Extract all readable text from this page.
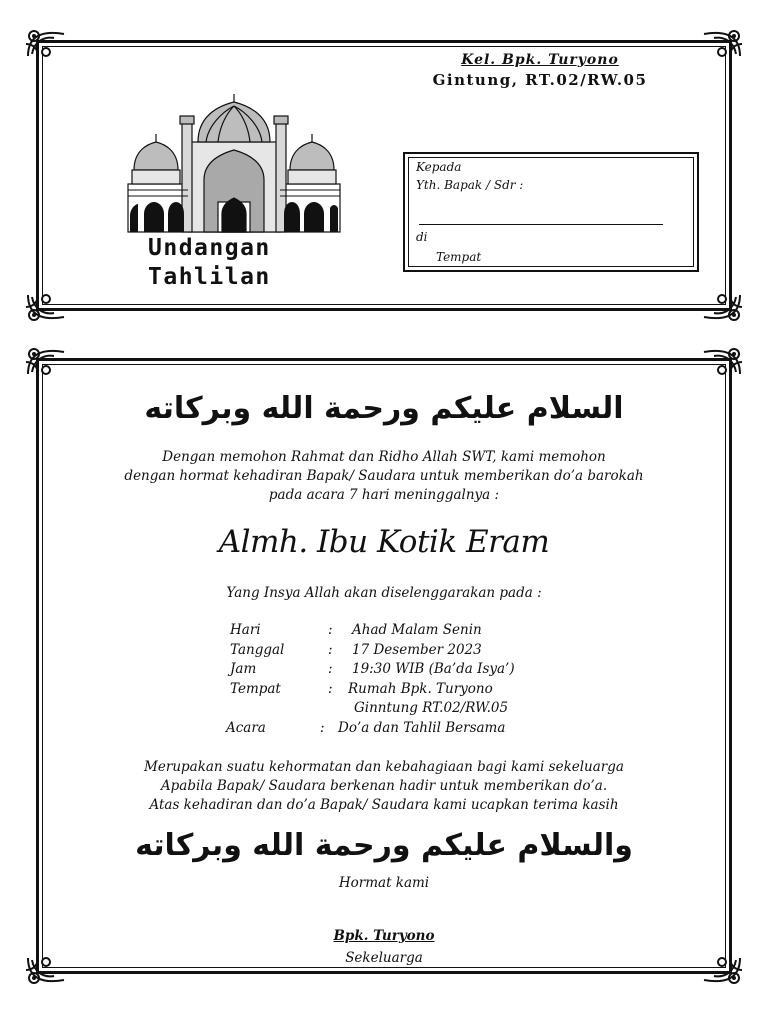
Kel. Bpk. Turyono
Gintung, RT.02/RW.05
Undangan
Tahlilan
Kepada
Yth. Bapak / Sdr :
di
Tempat
السلام عليكم ورحمة الله وبركاته
Dengan memohon Rahmat dan Ridho Allah SWT, kami memohon
dengan hormat kehadiran Bapak/ Saudara untuk memberikan do’a barokah
pada acara 7 hari meninggalnya :
Almh. Ibu Kotik Eram
Yang Insya Allah akan diselenggarakan pada :
Hari	: Ahad Malam Senin
Tanggal	: 17 Desember 2023
Jam	: 19:30 WIB (Ba’da Isya’)
Tempat	: Rumah Bpk. Turyono
Ginntung RT.02/RW.05
Acara	: Do’a dan Tahlil Bersama
Merupakan suatu kehormatan dan kebahagiaan bagi kami sekeluarga
Apabila Bapak/ Saudara berkenan hadir untuk memberikan do’a.
Atas kehadiran dan do’a Bapak/ Saudara kami ucapkan terima kasih
والسلام عليكم ورحمة الله وبركاته
Hormat kami
Bpk. Turyono
Sekeluarga
